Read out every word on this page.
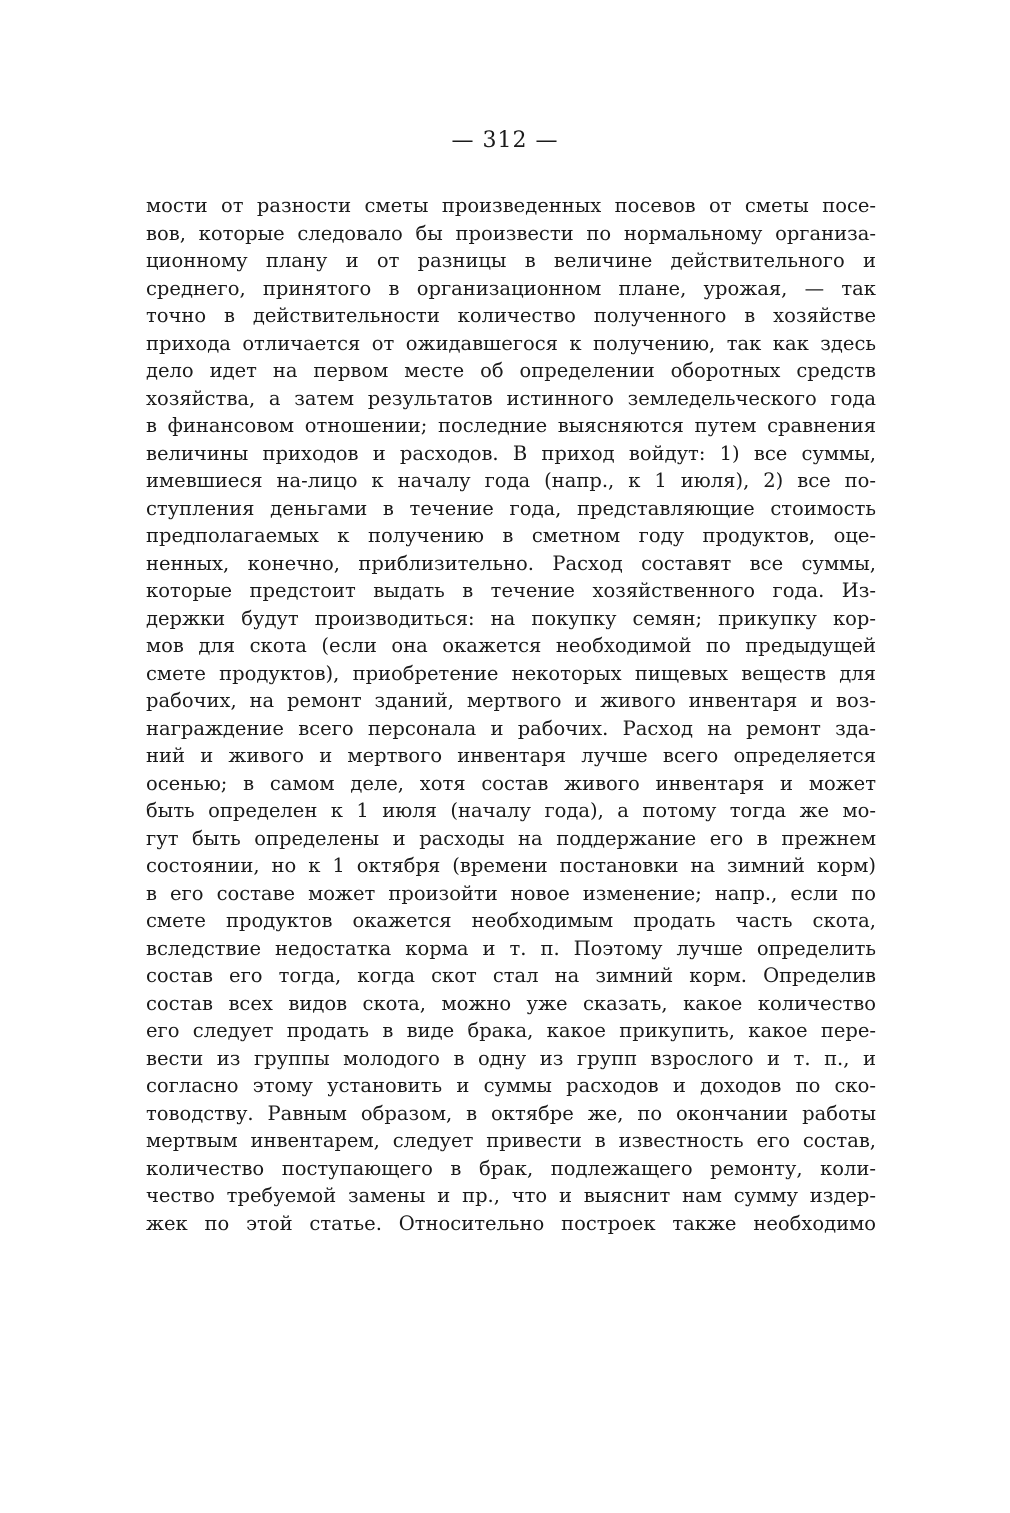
— 312 —
мости от разности сметы произведенных посевов от сметы посе-
вов, которые следовало бы произвести по нормальному организа-
ционному плану и от разницы в величине действительного и
среднего, принятого в организационном плане, урожая, — так
точно в действительности количество полученного в хозяйстве
прихода отличается от ожидавшегося к получению, так как здесь
дело идет на первом месте об определении оборотных средств
хозяйства, а затем результатов истинного земледельческого года
в финансовом отношении; последние выясняются путем сравнения
величины приходов и расходов. В приход войдут: 1) все суммы,
имевшиеся на-лицо к началу года (напр., к 1 июля), 2) все по-
ступления деньгами в течение года, представляющие стоимость
предполагаемых к получению в сметном году продуктов, оце-
ненных, конечно, приблизительно. Расход составят все суммы,
которые предстоит выдать в течение хозяйственного года. Из-
держки будут производиться: на покупку семян; прикупку кор-
мов для скота (если она окажется необходимой по предыдущей
смете продуктов), приобретение некоторых пищевых веществ для
рабочих, на ремонт зданий, мертвого и живого инвентаря и воз-
награждение всего персонала и рабочих. Расход на ремонт зда-
ний и живого и мертвого инвентаря лучше всего определяется
осенью; в самом деле, хотя состав живого инвентаря и может
быть определен к 1 июля (началу года), а потому тогда же мо-
гут быть определены и расходы на поддержание его в прежнем
состоянии, но к 1 октября (времени постановки на зимний корм)
в его составе может произойти новое изменение; напр., если по
смете продуктов окажется необходимым продать часть скота,
вследствие недостатка корма и т. п. Поэтому лучше определить
состав его тогда, когда скот стал на зимний корм. Определив
состав всех видов скота, можно уже сказать, какое количество
его следует продать в виде брака, какое прикупить, какое пере-
вести из группы молодого в одну из групп взрослого и т. п., и
согласно этому установить и суммы расходов и доходов по ско-
товодству. Равным образом, в октябре же, по окончании работы
мертвым инвентарем, следует привести в известность его состав,
количество поступающего в брак, подлежащего ремонту, коли-
чество требуемой замены и пр., что и выяснит нам сумму издер-
жек по этой статье. Относительно построек также необходимо
